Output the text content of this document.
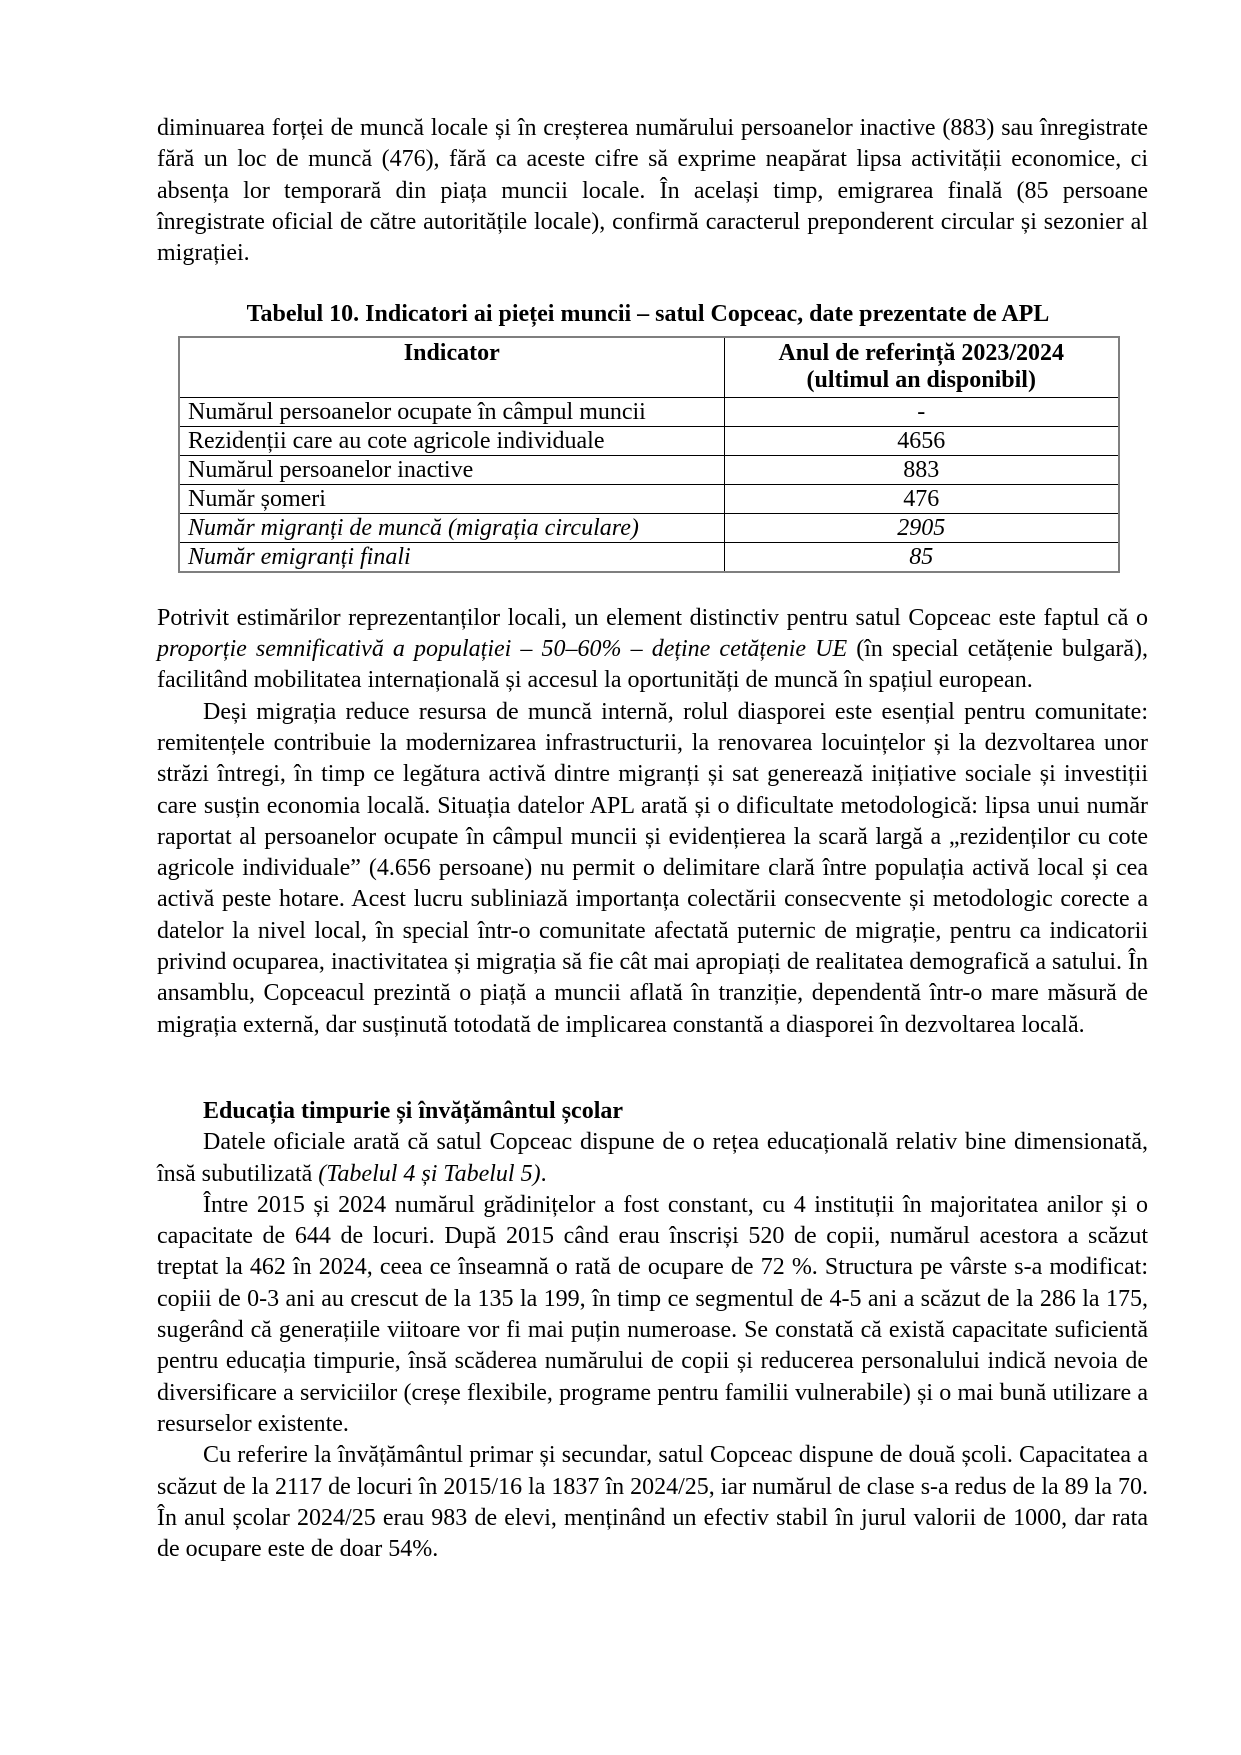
diminuarea forței de muncă locale și în creșterea numărului persoanelor inactive (883) sau înregistrate fără un loc de muncă (476), fără ca aceste cifre să exprime neapărat lipsa activității economice, ci absența lor temporară din piața muncii locale. În același timp, emigrarea finală (85 persoane înregistrate oficial de către autoritățile locale), confirmă caracterul preponderent circular și sezonier al migrației.

Tabelul 10. Indicatori ai pieței muncii – satul Copceac, date prezentate de APL
Indicator	Anul de referință 2023/2024
(ultimul an disponibil)

Numărul persoanelor ocupate în câmpul muncii	-
Rezidenții care au cote agricole individuale	4656
Numărul persoanelor inactive	883
Număr șomeri	476
Număr migranți de muncă (migrația circulare)	2905
Număr emigranți finali	85

Potrivit estimărilor reprezentanților locali, un element distinctiv pentru satul Copceac este faptul că o proporție semnificativă a populației – 50–60% – deține cetățenie UE (în special cetățenie bulgară), facilitând mobilitatea internațională și accesul la oportunități de muncă în spațiul european.

Deși migrația reduce resursa de muncă internă, rolul diasporei este esențial pentru comunitate: remitențele contribuie la modernizarea infrastructurii, la renovarea locuințelor și la dezvoltarea unor străzi întregi, în timp ce legătura activă dintre migranți și sat generează inițiative sociale și investiții care susțin economia locală. Situația datelor APL arată și o dificultate metodologică: lipsa unui număr raportat al persoanelor ocupate în câmpul muncii și evidențierea la scară largă a „rezidenților cu cote agricole individuale” (4.656 persoane) nu permit o delimitare clară între populația activă local și cea activă peste hotare. Acest lucru subliniază importanța colectării consecvente și metodologic corecte a datelor la nivel local, în special într-o comunitate afectată puternic de migrație, pentru ca indicatorii privind ocuparea, inactivitatea și migrația să fie cât mai apropiați de realitatea demografică a satului. În ansamblu, Copceacul prezintă o piață a muncii aflată în tranziție, dependentă într-o mare măsură de migrația externă, dar susținută totodată de implicarea constantă a diasporei în dezvoltarea locală.

Educația timpurie și învățământul școlar

Datele oficiale arată că satul Copceac dispune de o rețea educațională relativ bine dimensionată, însă subutilizată (Tabelul 4 și Tabelul 5).

Între 2015 și 2024 numărul grădinițelor a fost constant, cu 4 instituții în majoritatea anilor și o capacitate de 644 de locuri. După 2015 când erau înscriși 520 de copii, numărul acestora a scăzut treptat la 462 în 2024, ceea ce înseamnă o rată de ocupare de 72 %. Structura pe vârste s-a modificat: copiii de 0-3 ani au crescut de la 135 la 199, în timp ce segmentul de 4-5 ani a scăzut de la 286 la 175, sugerând că generațiile viitoare vor fi mai puțin numeroase. Se constată că există capacitate suficientă pentru educația timpurie, însă scăderea numărului de copii și reducerea personalului indică nevoia de diversificare a serviciilor (creșe flexibile, programe pentru familii vulnerabile) și o mai bună utilizare a resurselor existente.

Cu referire la învățământul primar și secundar, satul Copceac dispune de două școli. Capacitatea a scăzut de la 2117 de locuri în 2015/16 la 1837 în 2024/25, iar numărul de clase s-a redus de la 89 la 70. În anul școlar 2024/25 erau 983 de elevi, menținând un efectiv stabil în jurul valorii de 1000, dar rata de ocupare este de doar 54%.
